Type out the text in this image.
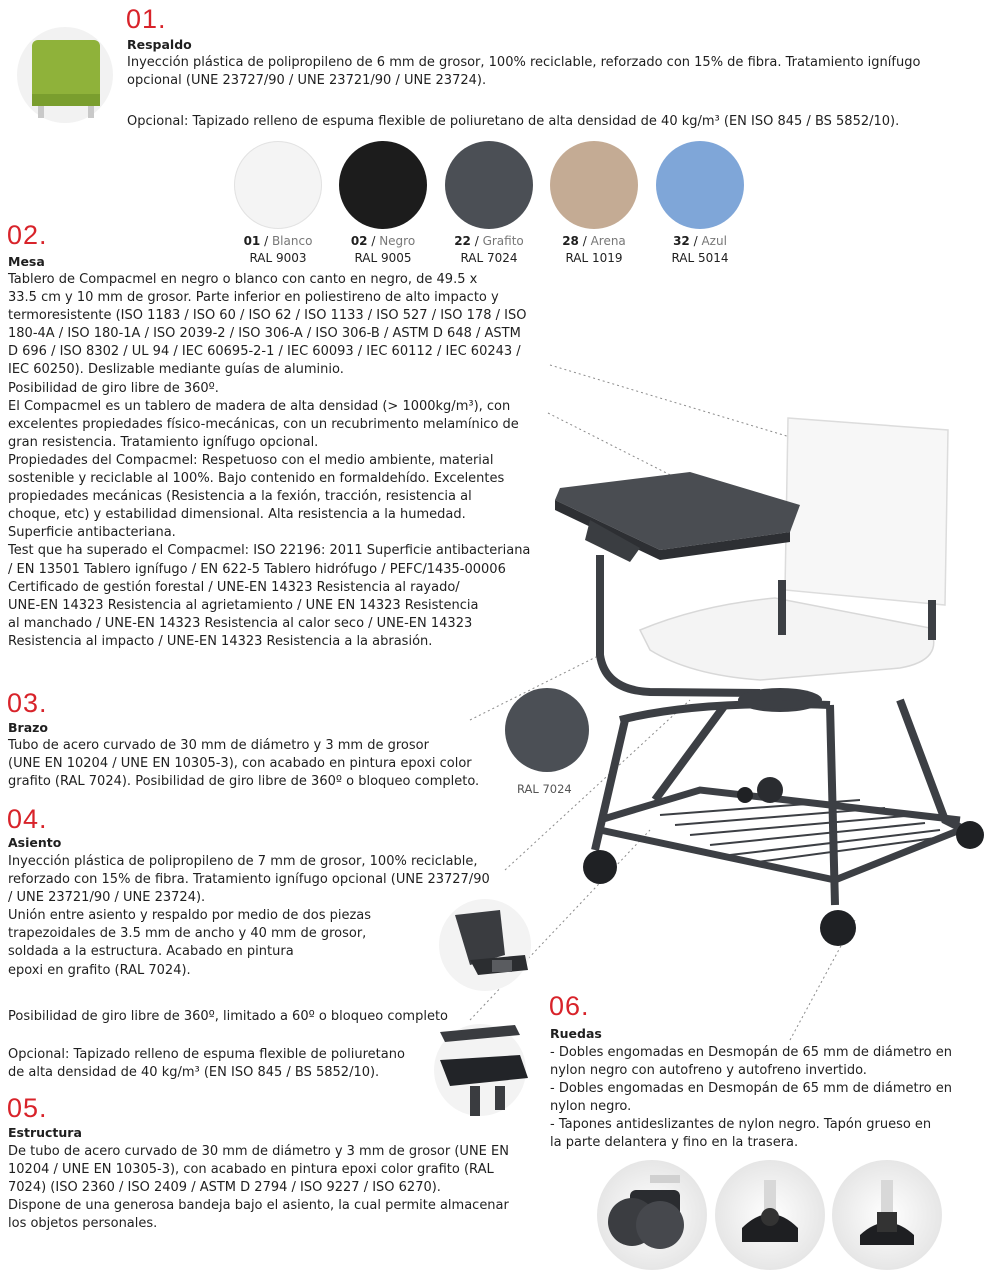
01.
Respaldo
Inyección plástica de polipropileno de 6 mm de grosor, 100% reciclable, reforzado con 15% de fibra. Tratamiento ignífugo opcional (UNE 23727/90 / UNE 23721/90 / UNE 23724).
Opcional: Tapizado relleno de espuma flexible de poliuretano de alta densidad de 40 kg/m³ (EN ISO 845 / BS 5852/10).
01 / Blanco
RAL 9003
02 / Negro
RAL 9005
22 / Grafito
RAL 7024
28 / Arena
RAL 1019
32 / Azul
RAL 5014
02.
Mesa
Tablero de Compacmel en negro o blanco con canto en negro, de 49.5 x
33.5 cm y 10 mm de grosor. Parte inferior en poliestireno de alto impacto y
termoresistente (ISO 1183 / ISO 60 / ISO 62 / ISO 1133 / ISO 527 / ISO 178 / ISO
180-4A / ISO 180-1A / ISO 2039-2 / ISO 306-A / ISO 306-B / ASTM D 648 / ASTM
D 696 / ISO 8302 / UL 94 / IEC 60695-2-1 / IEC 60093 / IEC 60112 / IEC 60243 /
IEC 60250). Deslizable mediante guías de aluminio.
Posibilidad de giro libre de 360º.
El Compacmel es un tablero de madera de alta densidad (> 1000kg/m³), con
excelentes propiedades físico-mecánicas, con un recubrimento melamínico de
gran resistencia. Tratamiento ignífugo opcional.
Propiedades del Compacmel: Respetuoso con el medio ambiente, material
sostenible y reciclable al 100%. Bajo contenido en formaldehído. Excelentes
propiedades mecánicas (Resistencia a la fexión, tracción, resistencia al
choque, etc) y estabilidad dimensional. Alta resistencia a la humedad.
Superficie antibacteriana.
Test que ha superado el Compacmel: ISO 22196: 2011 Superficie antibacteriana
/ EN 13501 Tablero ignífugo / EN 622-5 Tablero hidrófugo / PEFC/1435-00006
Certificado de gestión forestal / UNE-EN 14323 Resistencia al rayado/
UNE-EN 14323 Resistencia al agrietamiento / UNE EN 14323 Resistencia
al manchado / UNE-EN 14323 Resistencia al calor seco / UNE-EN 14323
Resistencia al impacto / UNE-EN 14323 Resistencia a la abrasión.
03.
Brazo
Tubo de acero curvado de 30 mm de diámetro y 3 mm de grosor
(UNE EN 10204 / UNE EN 10305-3), con acabado en pintura epoxi color
grafito (RAL 7024). Posibilidad de giro libre de 360º o bloqueo completo.	RAL 7024
04.
Asiento
Inyección plástica de polipropileno de 7 mm de grosor, 100% reciclable,
reforzado con 15% de fibra. Tratamiento ignífugo opcional (UNE 23727/90
/ UNE 23721/90 / UNE 23724).
Unión entre asiento y respaldo por medio de dos piezas
trapezoidales de 3.5 mm de ancho y 40 mm de grosor,
soldada a la estructura. Acabado en pintura
epoxi en grafito (RAL 7024).
Posibilidad de giro libre de 360º, limitado a 60º o bloqueo completo
Opcional: Tapizado relleno de espuma flexible de poliuretano
de alta densidad de 40 kg/m³ (EN ISO 845 / BS 5852/10).
05.
Estructura
De tubo de acero curvado de 30 mm de diámetro y 3 mm de grosor (UNE EN
10204 / UNE EN 10305-3), con acabado en pintura epoxi color grafito (RAL
7024) (ISO 2360 / ISO 2409 / ASTM D 2794 / ISO 9227 / ISO 6270).
Dispone de una generosa bandeja bajo el asiento, la cual permite almacenar
los objetos personales.
06.
Ruedas
- Dobles engomadas en Desmopán de 65 mm de diámetro en
nylon negro con autofreno y autofreno invertido.
- Dobles engomadas en Desmopán de 65 mm de diámetro en
nylon negro.
- Tapones antideslizantes de nylon negro. Tapón grueso en
la parte delantera y fino en la trasera.
